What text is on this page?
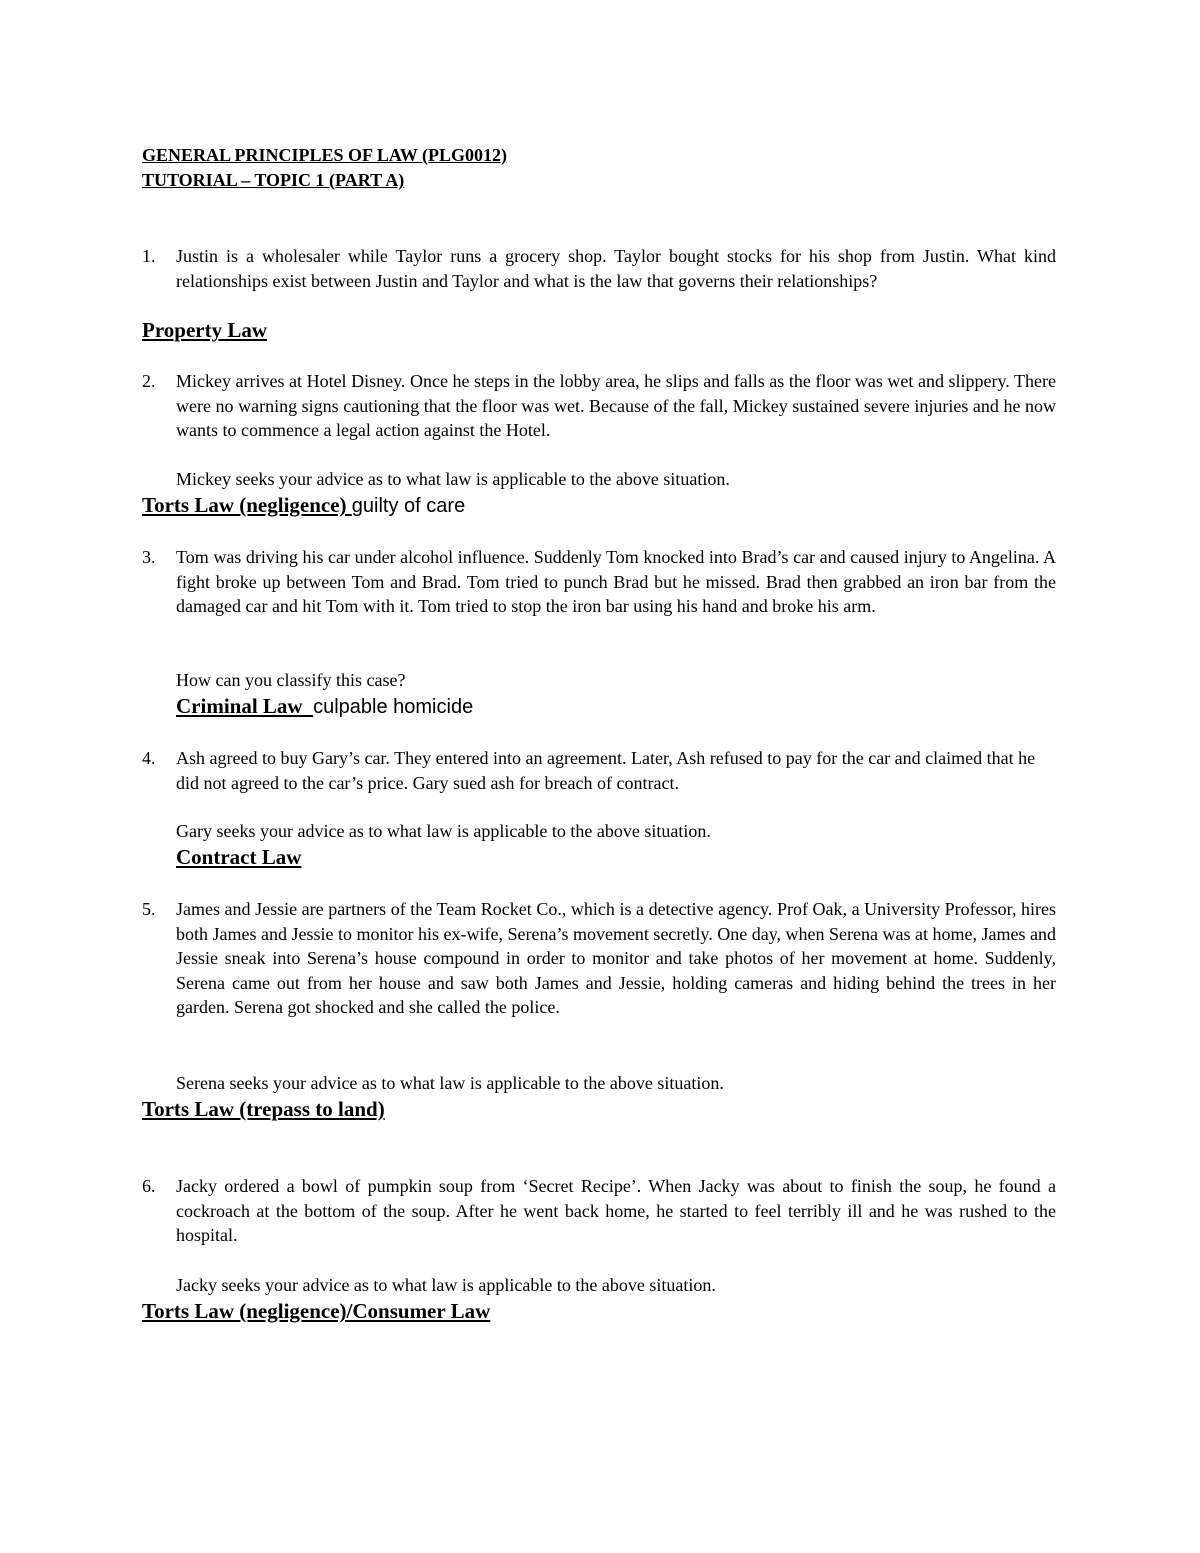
GENERAL PRINCIPLES OF LAW (PLG0012)
TUTORIAL – TOPIC 1 (PART A)
1.	Justin is a wholesaler while Taylor runs a grocery shop. Taylor bought stocks for his shop from Justin. What kind relationships exist between Justin and Taylor and what is the law that governs their relationships?
Property Law
2.	Mickey arrives at Hotel Disney. Once he steps in the lobby area, he slips and falls as the floor was wet and slippery. There were no warning signs cautioning that the floor was wet. Because of the fall, Mickey sustained severe injuries and he now wants to commence a legal action against the Hotel.
Mickey seeks your advice as to what law is applicable to the above situation.
Torts Law (negligence) guilty of care
3.	Tom was driving his car under alcohol influence. Suddenly Tom knocked into Brad’s car and caused injury to Angelina. A fight broke up between Tom and Brad. Tom tried to punch Brad but he missed. Brad then grabbed an iron bar from the damaged car and hit Tom with it. Tom tried to stop the iron bar using his hand and broke his arm.
How can you classify this case?
Criminal Law  culpable homicide
4.	Ash agreed to buy Gary’s car. They entered into an agreement. Later, Ash refused to pay for the car and claimed that he did not agreed to the car’s price. Gary sued ash for breach of contract.
Gary seeks your advice as to what law is applicable to the above situation.
Contract Law
5.	James and Jessie are partners of the Team Rocket Co., which is a detective agency. Prof Oak, a University Professor, hires both James and Jessie to monitor his ex-wife, Serena’s movement secretly. One day, when Serena was at home, James and Jessie sneak into Serena’s house compound in order to monitor and take photos of her movement at home. Suddenly, Serena came out from her house and saw both James and Jessie, holding cameras and hiding behind the trees in her garden. Serena got shocked and she called the police.
Serena seeks your advice as to what law is applicable to the above situation.
Torts Law (trepass to land)
6.	Jacky ordered a bowl of pumpkin soup from ‘Secret Recipe’. When Jacky was about to finish the soup, he found a cockroach at the bottom of the soup. After he went back home, he started to feel terribly ill and he was rushed to the hospital.
Jacky seeks your advice as to what law is applicable to the above situation.
Torts Law (negligence)/Consumer Law
